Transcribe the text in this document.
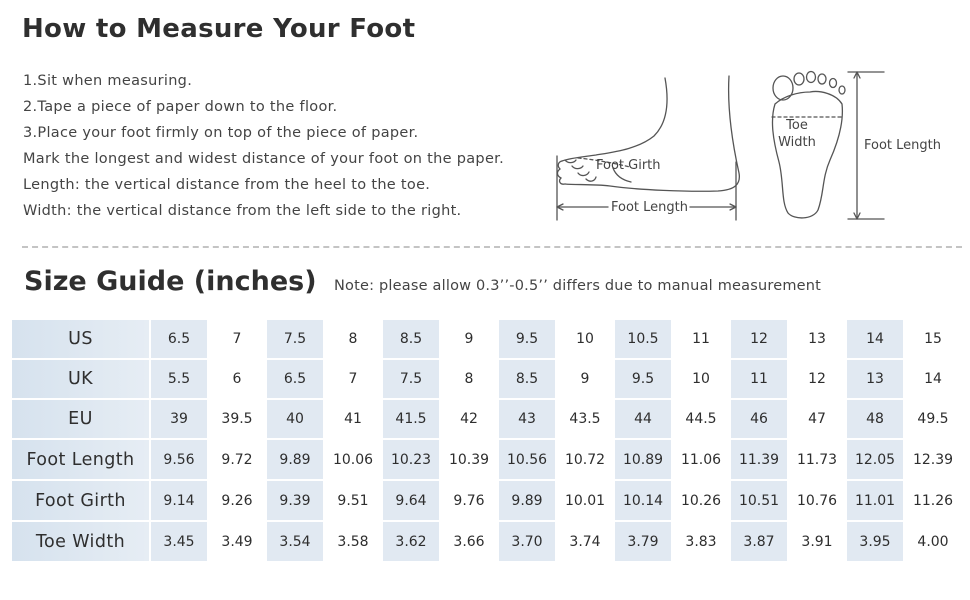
How to Measure Your Foot
1.Sit when measuring.
2.Tape a piece of paper down to the floor.
3.Place your foot firmly on top of the piece of paper.
Mark the longest and widest distance of your foot on the paper.
Length: the vertical distance from the heel to the toe.
Width: the vertical distance from the left side to the right.
Foot Girth
Foot Length
Toe
Width	Foot Length
Size Guide (inches) Note: please allow 0.3’’-0.5’’ differs due to manual measurement
US	6.5	7	7.5	8	8.5	9	9.5	10	10.5	11	12	13	14	15
UK	5.5	6	6.5	7	7.5	8	8.5	9	9.5	10	11	12	13	14
EU	39	39.5	40	41	41.5	42	43	43.5	44	44.5	46	47	48	49.5
Foot Length	9.56	9.72	9.89	10.06	10.23	10.39	10.56	10.72	10.89	11.06	11.39	11.73	12.05	12.39
Foot Girth	9.14	9.26	9.39	9.51	9.64	9.76	9.89	10.01	10.14	10.26	10.51	10.76	11.01	11.26
Toe Width	3.45	3.49	3.54	3.58	3.62	3.66	3.70	3.74	3.79	3.83	3.87	3.91	3.95	4.00
